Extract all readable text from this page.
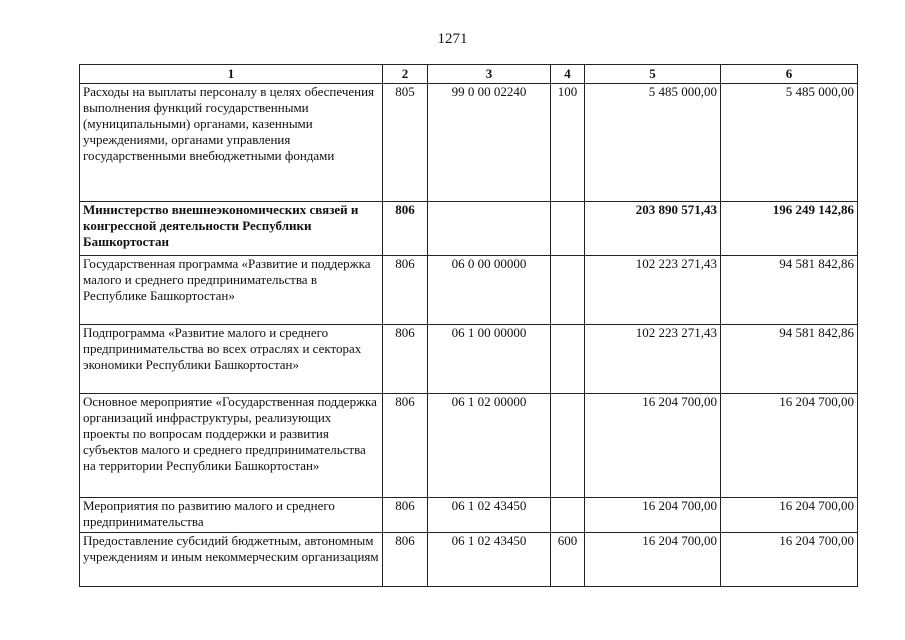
1271
1	2	3	4	5	6
Расходы на выплаты персоналу в целях обеспечения выполнения функций государственными (муниципальными) органами, казенными учреждениями, органами управления государственными внебюджетными фондами	805	99 0 00 02240	100	5 485 000,00	5 485 000,00
Министерство внешнеэкономических связей и конгрессной деятельности Республики Башкортостан	806			203 890 571,43	196 249 142,86
Государственная программа «Развитие и поддержка малого и среднего предпринимательства в Республике Башкортостан»	806	06 0 00 00000		102 223 271,43	94 581 842,86
Подпрограмма «Развитие малого и среднего предпринимательства во всех отраслях и секторах экономики Республики Башкортостан»	806	06 1 00 00000		102 223 271,43	94 581 842,86
Основное мероприятие «Государственная поддержка организаций инфраструктуры, реализующих проекты по вопросам поддержки и развития субъектов малого и среднего предпринимательства на территории Республики Башкортостан»	806	06 1 02 00000		16 204 700,00	16 204 700,00
Мероприятия по развитию малого и среднего предпринимательства	806	06 1 02 43450		16 204 700,00	16 204 700,00
Предоставление субсидий бюджетным, автономным учреждениям и иным некоммерческим организациям	806	06 1 02 43450	600	16 204 700,00	16 204 700,00
